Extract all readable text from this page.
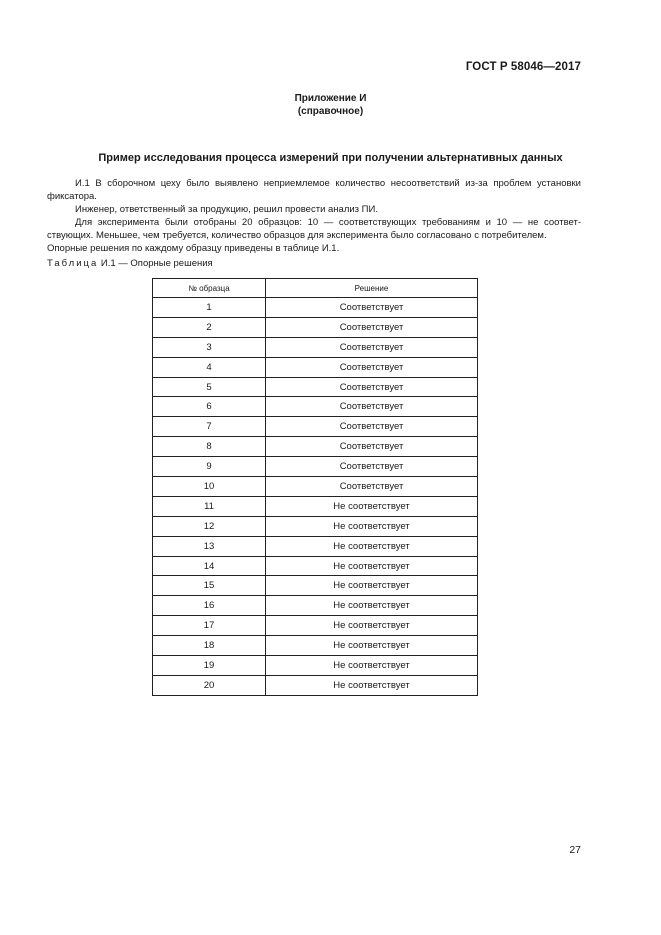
ГОСТ Р 58046—2017
Приложение И
(справочное)
Пример исследования процесса измерений при получении альтернативных данных

И.1 В сборочном цеху было выявлено неприемлемое количество несоответствий из-за проблем установки фиксатора.

Инженер, ответственный за продукцию, решил провести анализ ПИ.

Для эксперимента были отобраны 20 образцов: 10 — соответствующих требованиям и 10 — не соответ-

ствующих. Меньшее, чем требуется, количество образцов для эксперимента было согласовано с потребителем.

Опорные решения по каждому образцу приведены в таблице И.1.

Таблица И.1 — Опорные решения
№ образца	Решение
1	Соответствует
2	Соответствует
3	Соответствует
4	Соответствует
5	Соответствует
6	Соответствует
7	Соответствует
8	Соответствует
9	Соответствует
10	Соответствует
11	Не соответствует
12	Не соответствует
13	Не соответствует
14	Не соответствует
15	Не соответствует
16	Не соответствует
17	Не соответствует
18	Не соответствует
19	Не соответствует
20	Не соответствует
27
